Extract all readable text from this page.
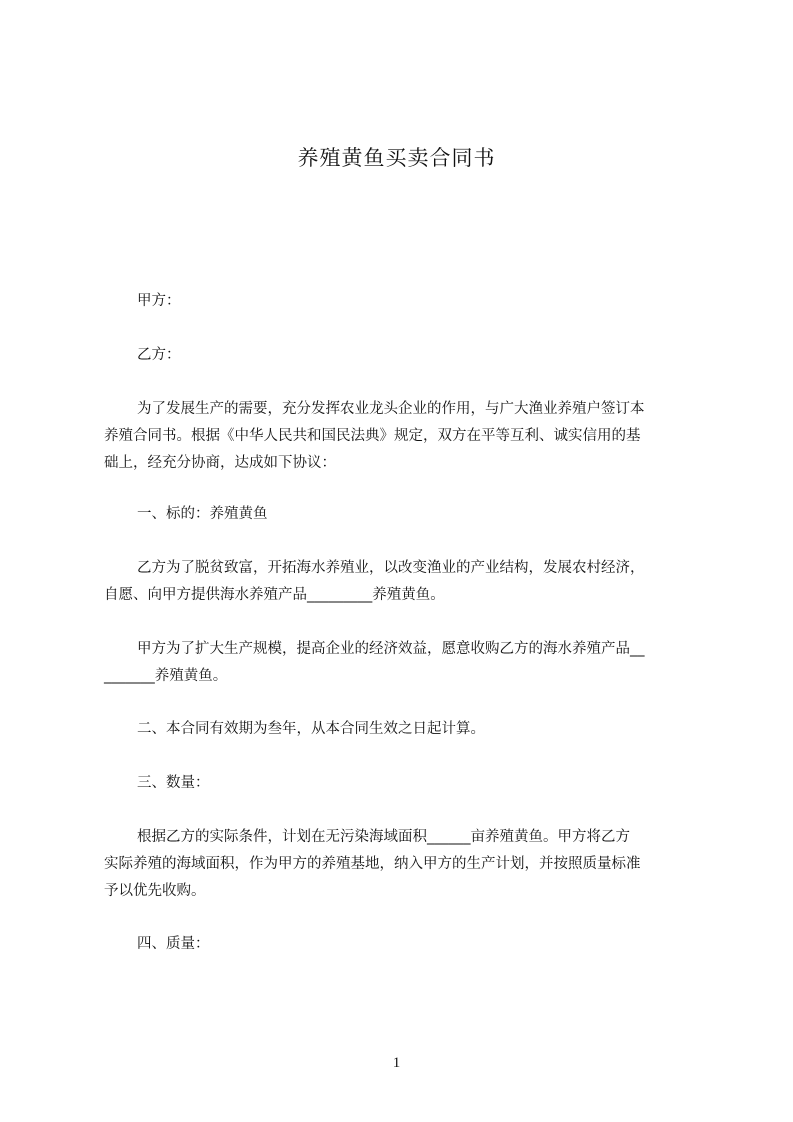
养殖黄鱼买卖合同书
甲方：
乙方：
为了发展生产的需要，充分发挥农业龙头企业的作用，与广大渔业养殖户签订本
养殖合同书。根据《中华人民共和国民法典》规定，双方在平等互利、诚实信用的基
础上，经充分协商，达成如下协议：
一、标的：养殖黄鱼
乙方为了脱贫致富，开拓海水养殖业，以改变渔业的产业结构，发展农村经济，
自愿、向甲方提供海水养殖产品_________养殖黄鱼。
甲方为了扩大生产规模，提高企业的经济效益，愿意收购乙方的海水养殖产品__
_______养殖黄鱼。
二、本合同有效期为叁年，从本合同生效之日起计算。
三、数量：
根据乙方的实际条件，计划在无污染海域面积______亩养殖黄鱼。甲方将乙方
实际养殖的海域面积，作为甲方的养殖基地，纳入甲方的生产计划，并按照质量标准
予以优先收购。
四、质量：
1
